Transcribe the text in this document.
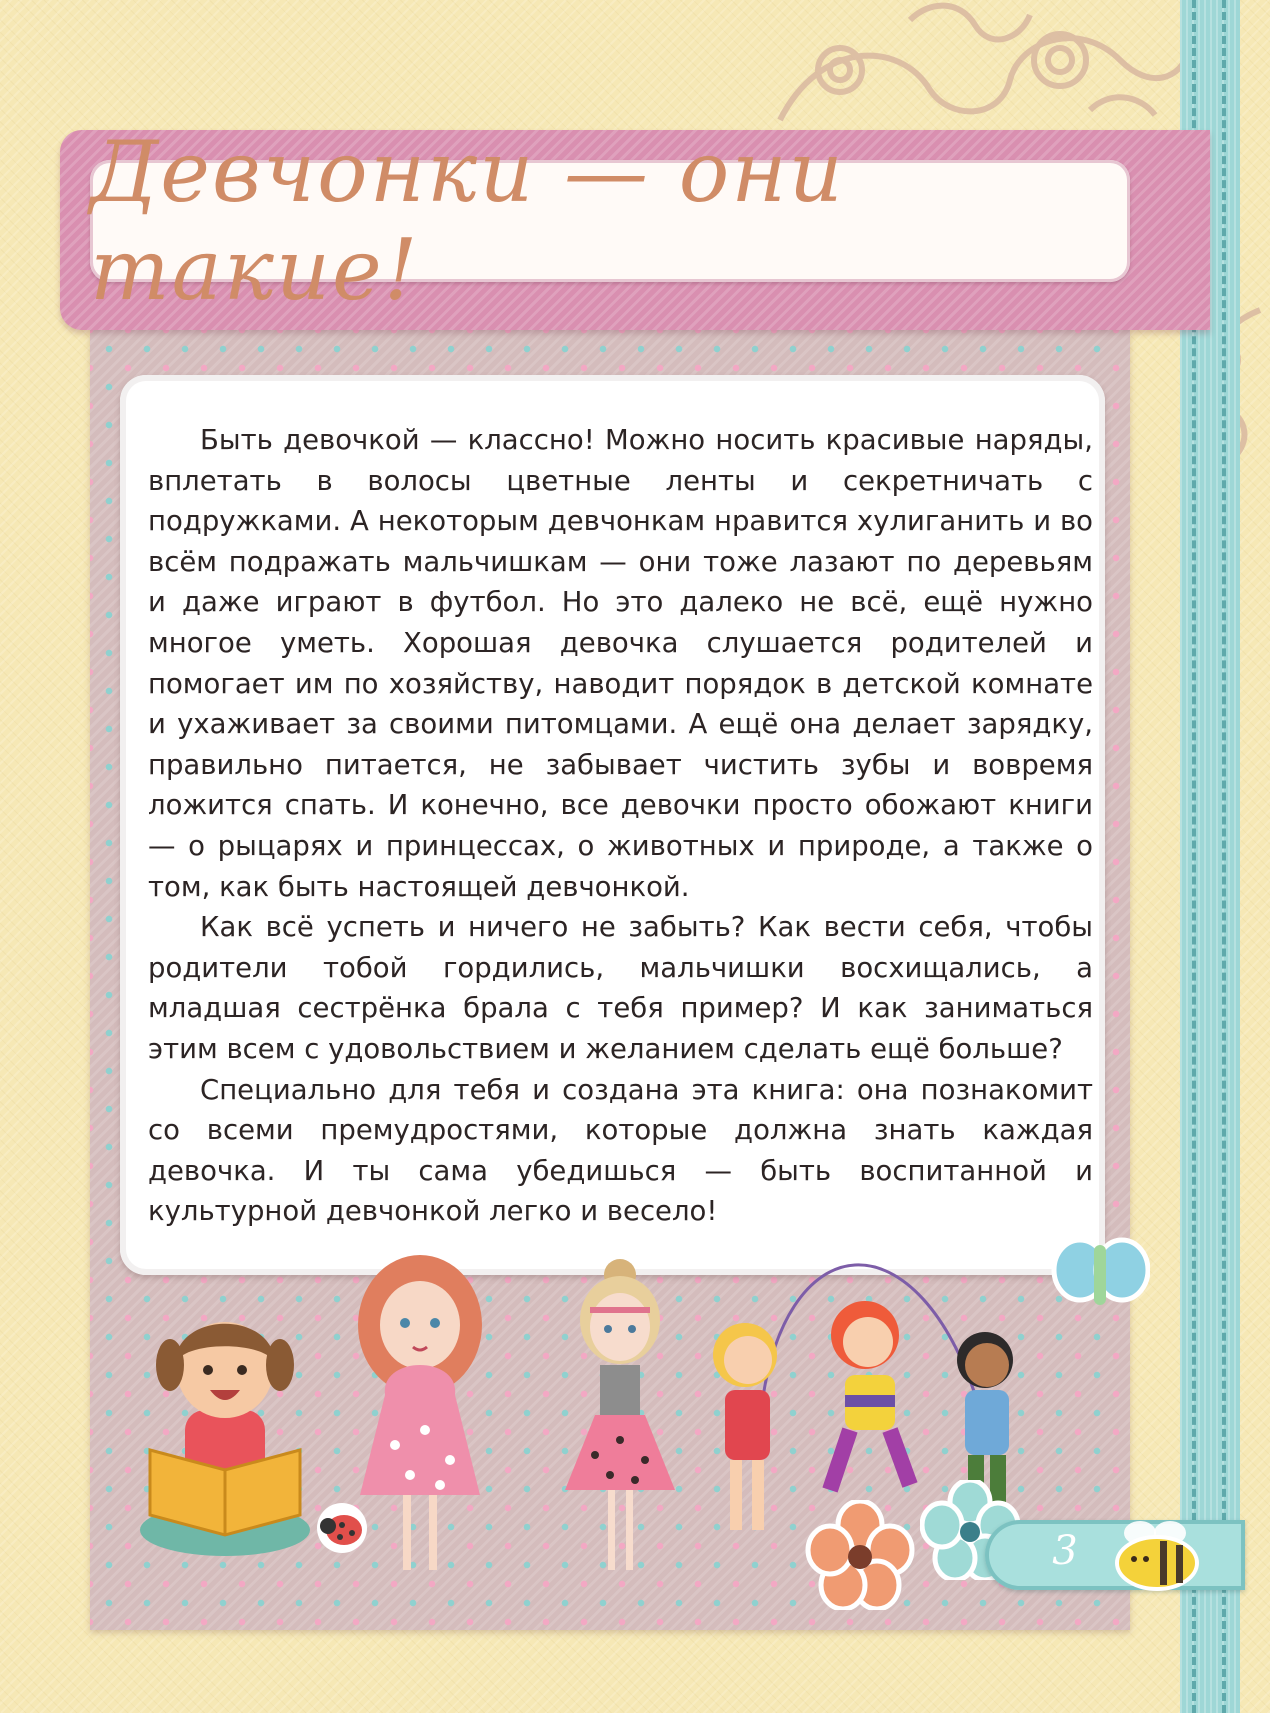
Девчонки — они такие!

Быть девочкой — классно! Можно носить красивые наряды, вплетать в волосы цветные ленты и секретничать с подружками. А некоторым девчонкам нравится хулиганить и во всём подражать мальчишкам — они тоже лазают по деревьям и даже играют в футбол. Но это далеко не всё, ещё нужно многое уметь. Хорошая девочка слушается родителей и помогает им по хозяйству, наводит порядок в детской комнате и ухаживает за своими питомцами. А ещё она делает зарядку, правильно питается, не забывает чистить зубы и вовремя ложится спать. И конечно, все девочки просто обожают книги — о рыцарях и принцессах, о животных и природе, а также о том, как быть настоящей девчонкой.

Как всё успеть и ничего не забыть? Как вести себя, чтобы родители тобой гордились, мальчишки восхищались, а младшая сестрёнка брала с тебя пример? И как заниматься этим всем с удовольствием и желанием сделать ещё больше?

Специально для тебя и создана эта книга: она познакомит со всеми премудростями, которые должна знать каждая девочка. И ты сама убедишься — быть воспитанной и культурной девчонкой легко и весело!

3
